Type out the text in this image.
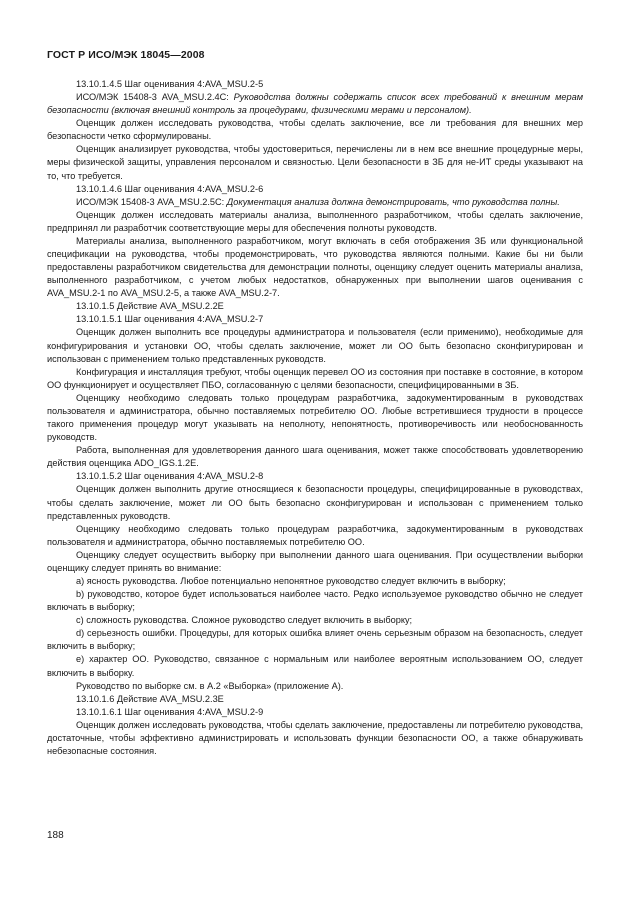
ГОСТ Р ИСО/МЭК 18045—2008

13.10.1.4.5 Шаг оценивания 4:AVA_MSU.2-5

ИСО/МЭК 15408-3 AVA_MSU.2.4C: Руководства должны содержать список всех требований к внешним мерам безопасности (включая внешний контроль за процедурами, физическими мерами и персоналом).

Оценщик должен исследовать руководства, чтобы сделать заключение, все ли требования для внешних мер безопасности четко сформулированы.

Оценщик анализирует руководства, чтобы удостовериться, перечислены ли в нем все внешние процедурные меры, меры физической защиты, управления персоналом и связностью. Цели безопасности в ЗБ для не-ИТ среды указывают на то, что требуется.

13.10.1.4.6 Шаг оценивания 4:AVA_MSU.2-6

ИСО/МЭК 15408-3 AVA_MSU.2.5C: Документация анализа должна демонстрировать, что руководства полны.

Оценщик должен исследовать материалы анализа, выполненного разработчиком, чтобы сделать заключение, предпринял ли разработчик соответствующие меры для обеспечения полноты руководств.

Материалы анализа, выполненного разработчиком, могут включать в себя отображения ЗБ или функциональной спецификации на руководства, чтобы продемонстрировать, что руководства являются полными. Какие бы ни были предоставлены разработчиком свидетельства для демонстрации полноты, оценщику следует оценить материалы анализа, выполненного разработчиком, с учетом любых недостатков, обнаруженных при выполнении шагов оценивания с AVA_MSU.2-1 по AVA_MSU.2-5, а также AVA_MSU.2-7.

13.10.1.5 Действие AVA_MSU.2.2E

13.10.1.5.1 Шаг оценивания 4:AVA_MSU.2-7

Оценщик должен выполнить все процедуры администратора и пользователя (если применимо), необходимые для конфигурирования и установки ОО, чтобы сделать заключение, может ли ОО быть безопасно сконфигурирован и использован с применением только представленных руководств.

Конфигурация и инсталляция требуют, чтобы оценщик перевел ОО из состояния при поставке в состояние, в котором ОО функционирует и осуществляет ПБО, согласованную с целями безопасности, специфицированными в ЗБ.

Оценщику необходимо следовать только процедурам разработчика, задокументированным в руководствах пользователя и администратора, обычно поставляемых потребителю ОО. Любые встретившиеся трудности в процессе такого применения процедур могут указывать на неполноту, непонятность, противоречивость или необоснованность руководств.

Работа, выполненная для удовлетворения данного шага оценивания, может также способствовать удовлетворению действия оценщика ADO_IGS.1.2E.

13.10.1.5.2 Шаг оценивания 4:AVA_MSU.2-8

Оценщик должен выполнить другие относящиеся к безопасности процедуры, специфицированные в руководствах, чтобы сделать заключение, может ли ОО быть безопасно сконфигурирован и использован с применением только представленных руководств.

Оценщику необходимо следовать только процедурам разработчика, задокументированным в руководствах пользователя и администратора, обычно поставляемых потребителю ОО.

Оценщику следует осуществить выборку при выполнении данного шага оценивания. При осуществлении выборки оценщику следует принять во внимание:

a) ясность руководства. Любое потенциально непонятное руководство следует включить в выборку;

b) руководство, которое будет использоваться наиболее часто. Редко используемое руководство обычно не следует включать в выборку;

c) сложность руководства. Сложное руководство следует включить в выборку;

d) серьезность ошибки. Процедуры, для которых ошибка влияет очень серьезным образом на безопасность, следует включить в выборку;

e) характер ОО. Руководство, связанное с нормальным или наиболее вероятным использованием ОО, следует включить в выборку.

Руководство по выборке см. в А.2 «Выборка» (приложение А).

13.10.1.6 Действие AVA_MSU.2.3E

13.10.1.6.1 Шаг оценивания 4:AVA_MSU.2-9

Оценщик должен исследовать руководства, чтобы сделать заключение, предоставлены ли потребителю руководства, достаточные, чтобы эффективно администрировать и использовать функции безопасности ОО, а также обнаруживать небезопасные состояния.

188
